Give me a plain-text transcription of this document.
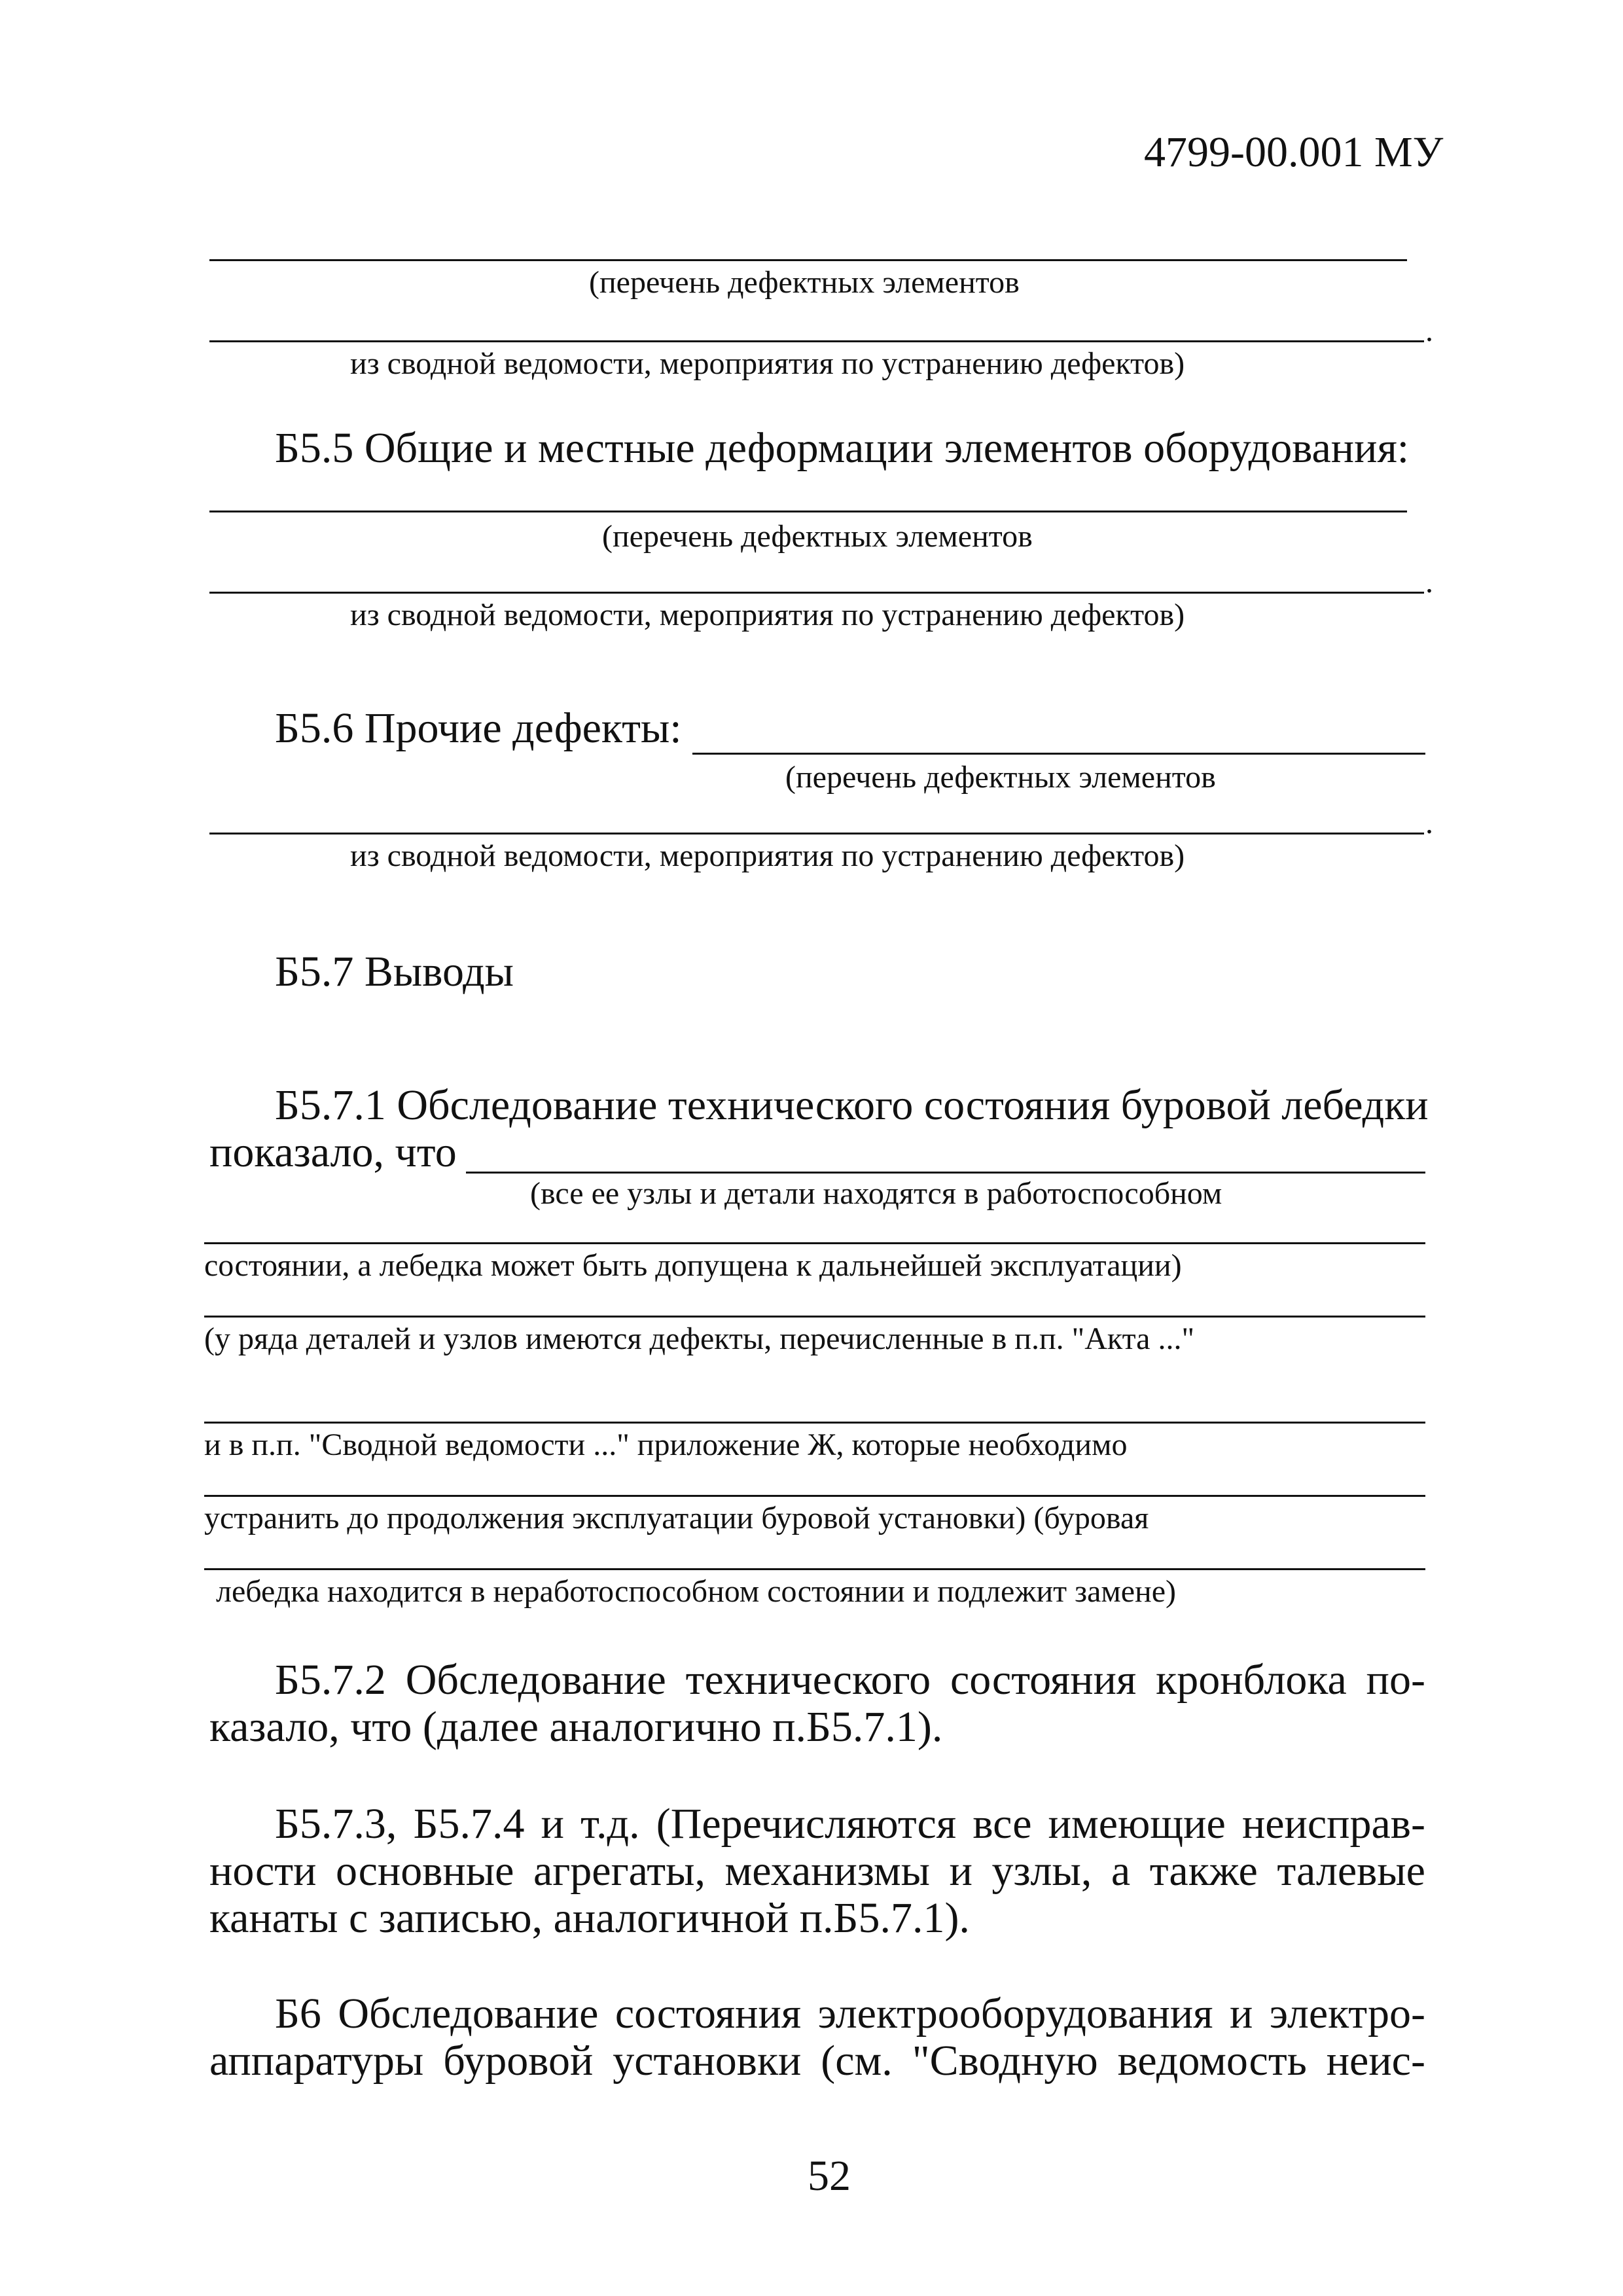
4799-00.001 МУ
(перечень дефектных элементов
.
из сводной ведомости, мероприятия по устранению дефектов)
Б5.5 Общие и местные деформации элементов оборудования:
(перечень дефектных элементов
.
из сводной ведомости, мероприятия по устранению дефектов)
Б5.6 Прочие дефекты:
(перечень дефектных элементов
.
из сводной ведомости, мероприятия по устранению дефектов)
Б5.7 Выводы
Б5.7.1 Обследование технического состояния буровой лебедки
показало, что
(все ее узлы и детали находятся в работоспособном
состоянии, а лебедка может быть допущена к дальнейшей эксплуатации)
(у ряда деталей и узлов имеются дефекты, перечисленные в п.п. "Акта ..."
и в п.п. "Сводной ведомости ..." приложение Ж, которые необходимо
устранить до продолжения эксплуатации буровой установки) (буровая
лебедка находится в неработоспособном состоянии и подлежит замене)
Б5.7.2 Обследование технического состояния кронблока по-
казало, что (далее аналогично п.Б5.7.1).
Б5.7.3, Б5.7.4 и т.д. (Перечисляются все имеющие неисправ-
ности основные агрегаты, механизмы и узлы, а также талевые
канаты с записью, аналогичной п.Б5.7.1).
Б6 Обследование состояния электрооборудования и электро-
аппаратуры буровой установки (см. "Сводную ведомость неис-
52
